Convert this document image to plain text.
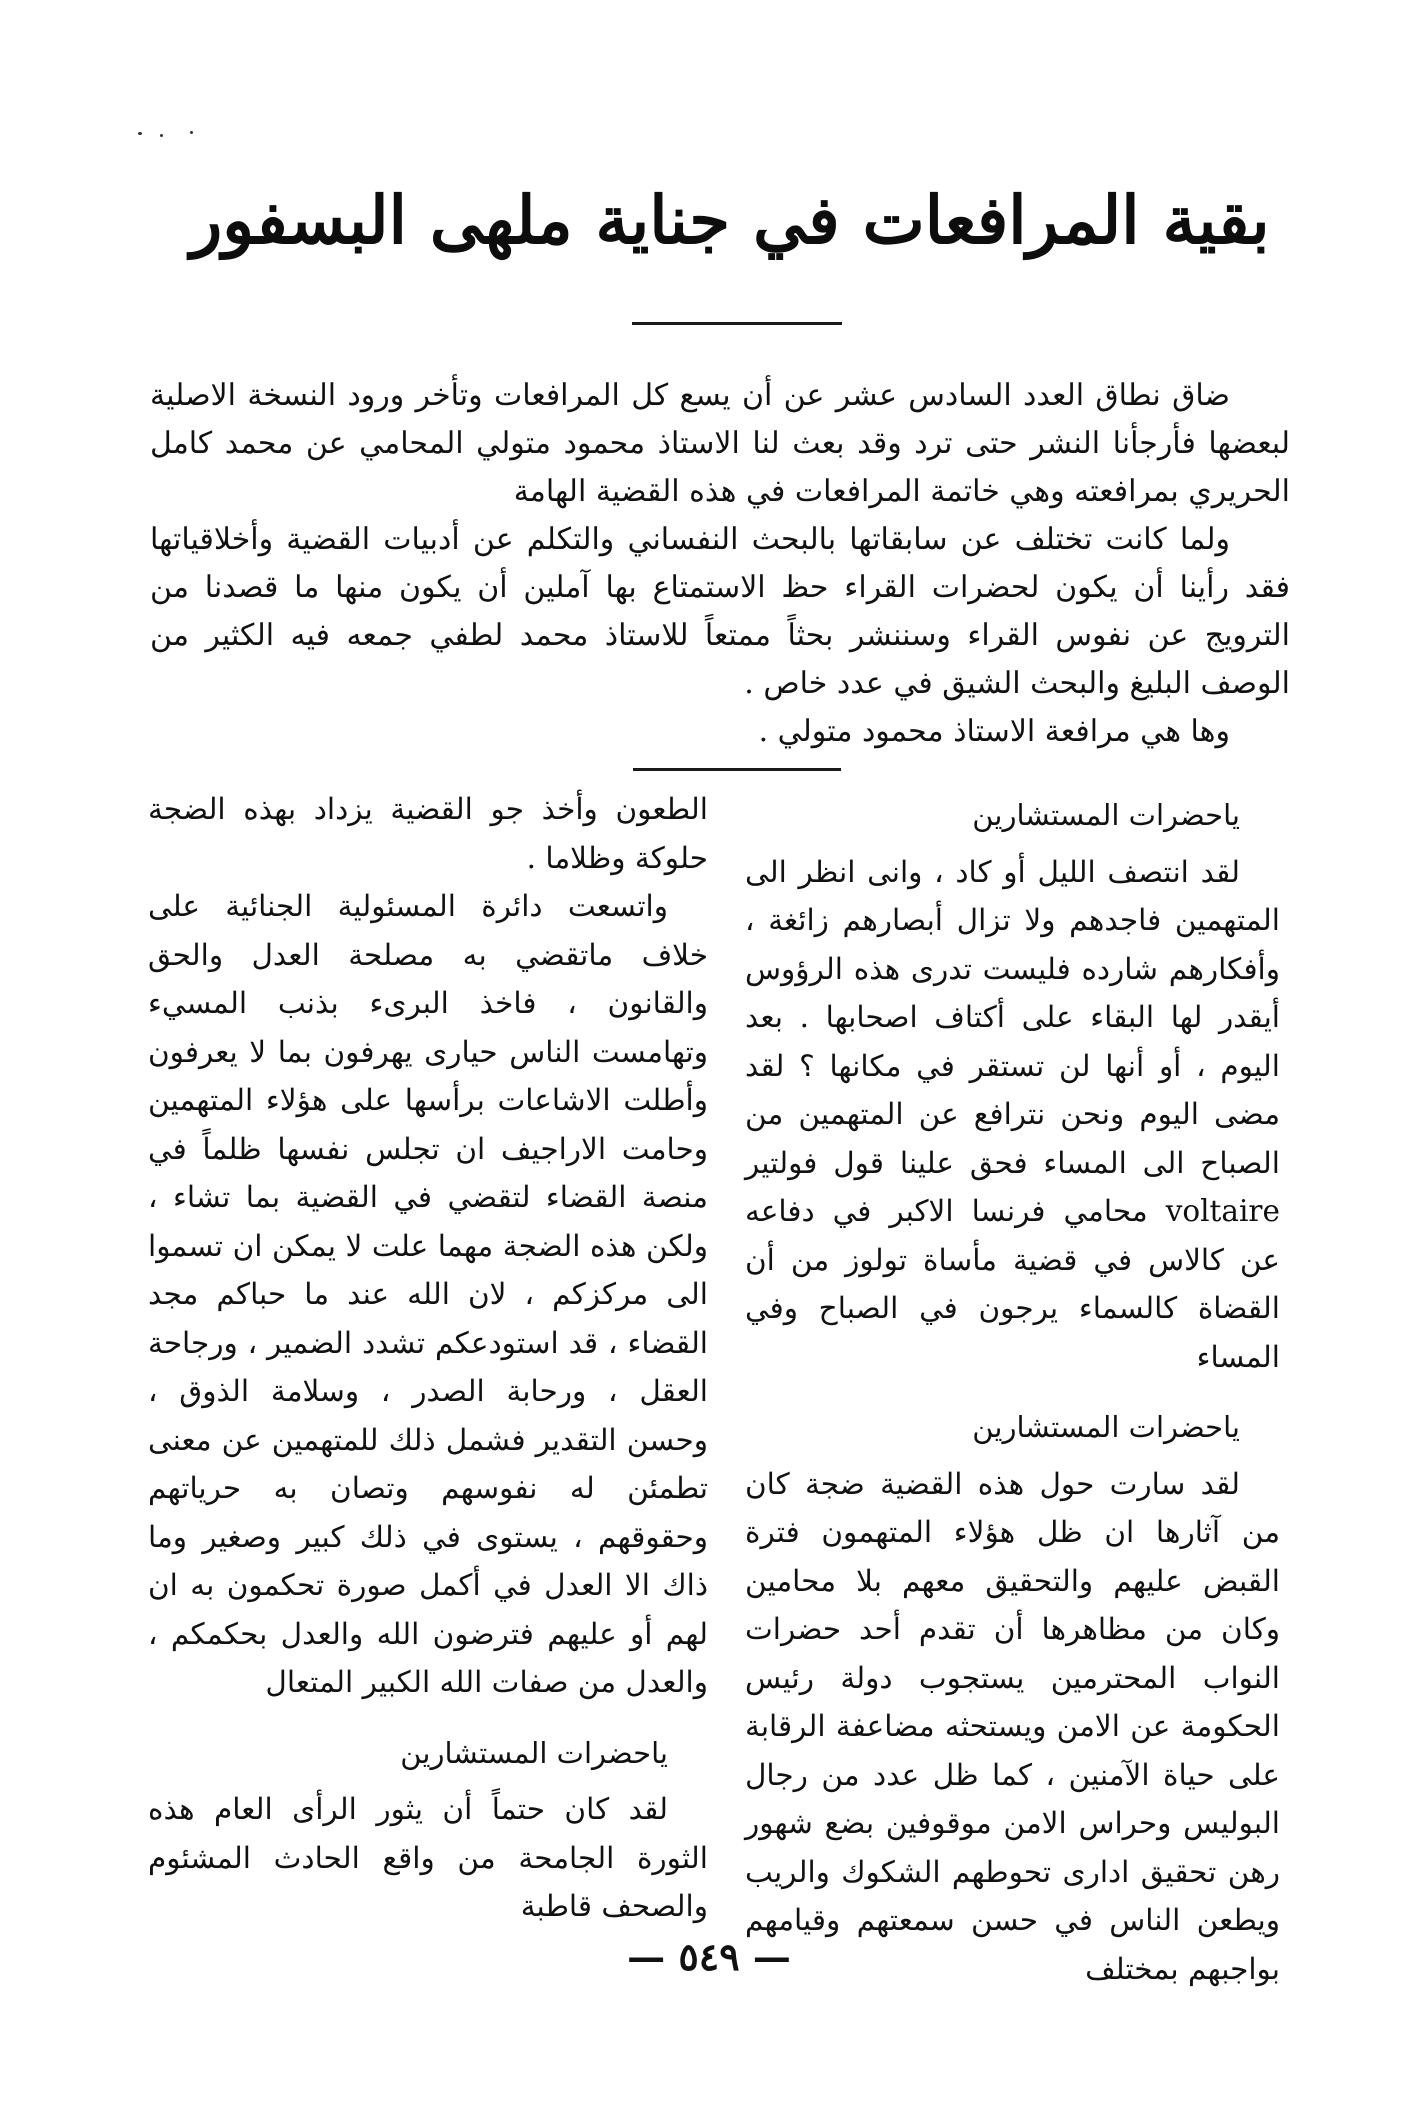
بقية المرافعات في جناية ملهى البسفور

ضاق نطاق العدد السادس عشر عن أن يسع كل المرافعات وتأخر ورود النسخة الاصلية لبعضها فأرجأنا النشر حتى ترد وقد بعث لنا الاستاذ محمود متولي المحامي عن محمد كامل الحريري بمرافعته وهي خاتمة المرافعات في هذه القضية الهامة

ولما كانت تختلف عن سابقاتها بالبحث النفساني والتكلم عن أدبيات القضية وأخلاقياتها فقد رأينا أن يكون لحضرات القراء حظ الاستمتاع بها آملين أن يكون منها ما قصدنا من الترويج عن نفوس القراء وسننشر بحثاً ممتعاً للاستاذ محمد لطفي جمعه فيه الكثير من الوصف البليغ والبحث الشيق في عدد خاص .

وها هي مرافعة الاستاذ محمود متولي .

ياحضرات المستشارين

لقد انتصف الليل أو كاد ، وانى انظر الى المتهمين فاجدهم ولا تزال أبصارهم زائغة ، وأفكارهم شارده فليست تدرى هذه الرؤوس أيقدر لها البقاء على أكتاف اصحابها . بعد اليوم ، أو أنها لن تستقر في مكانها ؟ لقد مضى اليوم ونحن نترافع عن المتهمين من الصباح الى المساء فحق علينا قول فولتير voltaire محامي فرنسا الاكبر في دفاعه عن كالاس في قضية مأساة تولوز من أن القضاة كالسماء يرجون في الصباح وفي المساء

ياحضرات المستشارين

لقد سارت حول هذه القضية ضجة كان من آثارها ان ظل هؤلاء المتهمون فترة القبض عليهم والتحقيق معهم بلا محامين وكان من مظاهرها أن تقدم أحد حضرات النواب المحترمين يستجوب دولة رئيس الحكومة عن الامن ويستحثه مضاعفة الرقابة على حياة الآمنين ، كما ظل عدد من رجال البوليس وحراس الامن موقوفين بضع شهور رهن تحقيق ادارى تحوطهم الشكوك والريب ويطعن الناس في حسن سمعتهم وقيامهم بواجبهم بمختلف

الطعون وأخذ جو القضية يزداد بهذه الضجة حلوكة وظلاما .

واتسعت دائرة المسئولية الجنائية على خلاف ماتقضي به مصلحة العدل والحق والقانون ، فاخذ البرىء بذنب المسيء وتهامست الناس حيارى يهرفون بما لا يعرفون وأطلت الاشاعات برأسها على هؤلاء المتهمين وحامت الاراجيف ان تجلس نفسها ظلماً في منصة القضاء لتقضي في القضية بما تشاء ، ولكن هذه الضجة مهما علت لا يمكن ان تسموا الى مركزكم ، لان الله عند ما حباكم مجد القضاء ، قد استودعكم تشدد الضمير ، ورجاحة العقل ، ورحابة الصدر ، وسلامة الذوق ، وحسن التقدير فشمل ذلك للمتهمين عن معنى تطمئن له نفوسهم وتصان به حرياتهم وحقوقهم ، يستوى في ذلك كبير وصغير وما ذاك الا العدل في أكمل صورة تحكمون به ان لهم أو عليهم فترضون الله والعدل بحكمكم ، والعدل من صفات الله الكبير المتعال

ياحضرات المستشارين

لقد كان حتماً أن يثور الرأى العام هذه الثورة الجامحة من واقع الحادث المشئوم والصحف قاطبة

— ٥٤٩ —
